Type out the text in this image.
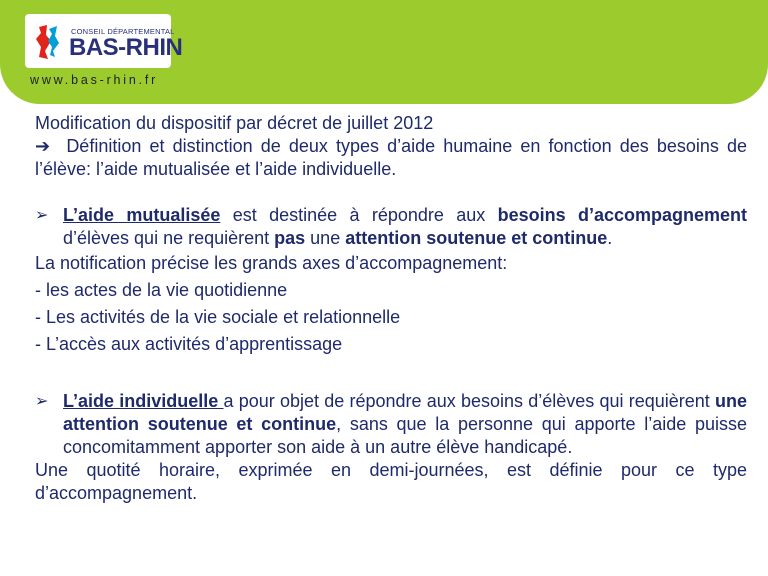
CONSEIL DÉPARTEMENTAL
BAS-RHIN
www.bas-rhin.fr

Modification du dispositif par décret de juillet 2012

➔ Définition et distinction de deux types d’aide humaine en fonction des besoins de l’élève: l’aide mutualisée et l’aide individuelle.

➢ L’aide mutualisée est destinée à répondre aux besoins d’accompagnement d’élèves qui ne requièrent pas une attention soutenue et continue.

La notification précise les grands axes d’accompagnement:

- les actes de la vie quotidienne

- Les activités de la vie sociale et relationnelle

- L’accès aux activités d’apprentissage

➢ L’aide individuelle a pour objet de répondre aux besoins d’élèves qui requièrent une attention soutenue et continue, sans que la personne qui apporte l’aide puisse concomitamment apporter son aide à un autre élève handicapé.

Une quotité horaire, exprimée en demi-journées, est définie pour ce type d’accompagnement.
